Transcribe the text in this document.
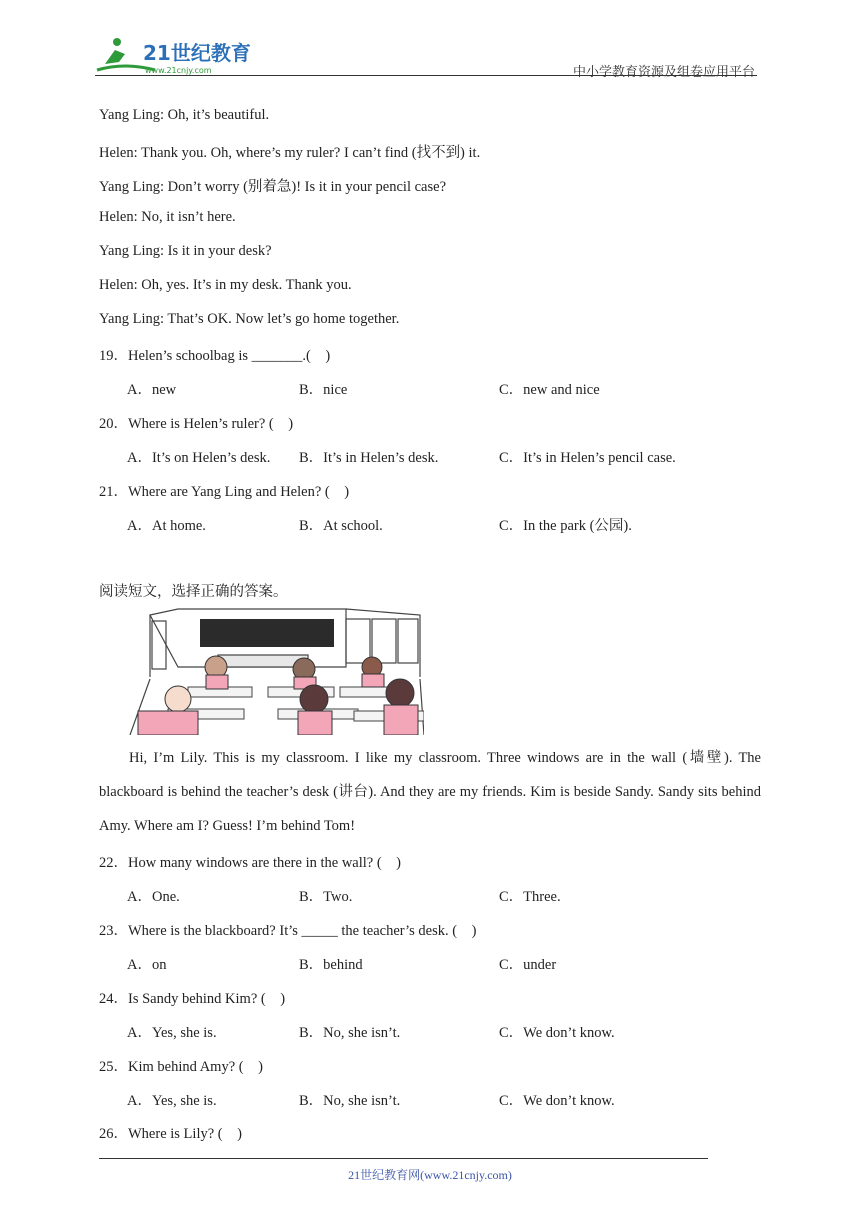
21世纪教育
www.21cnjy.com	中小学教育资源及组卷应用平台
Yang Ling: Oh, it’s beautiful.
Helen: Thank you. Oh, where’s my ruler? I can’t find (找不到) it.
Yang Ling: Don’t worry (别着急)! Is it in your pencil case?
Helen: No, it isn’t here.
Yang Ling: Is it in your desk?
Helen: Oh, yes. It’s in my desk. Thank you.
Yang Ling: That’s OK. Now let’s go home together.
19．Helen’s schoolbag is _______.(　)
A．new	B．nice	C．new and nice
20．Where is Helen’s ruler? (　)
A．It’s on Helen’s desk. B．It’s in Helen’s desk.	C．It’s in Helen’s pencil case.
21．Where are Yang Ling and Helen? (　)
A．At home.	B．At school.	C．In the park (公园).
阅读短文，选择正确的答案。

Hi, I’m Lily. This is my classroom. I like my classroom. Three windows are in the wall (墙壁). The blackboard is behind the teacher’s desk (讲台). And they are my friends. Kim is beside Sandy. Sandy sits behind Amy. Where am I? Guess! I’m behind Tom!

22．How many windows are there in the wall? (　)
A．One.	B．Two.	C．Three.
23．Where is the blackboard? It’s _____ the teacher’s desk. (　)
A．on	B．behind	C．under
24．Is Sandy behind Kim? (　)
A．Yes, she is.	B．No, she isn’t.	C．We don’t know.
25．Kim behind Amy? (　)
A．Yes, she is.	B．No, she isn’t.	C．We don’t know.
26．Where is Lily? (　)
21世纪教育网(www.21cnjy.com)
